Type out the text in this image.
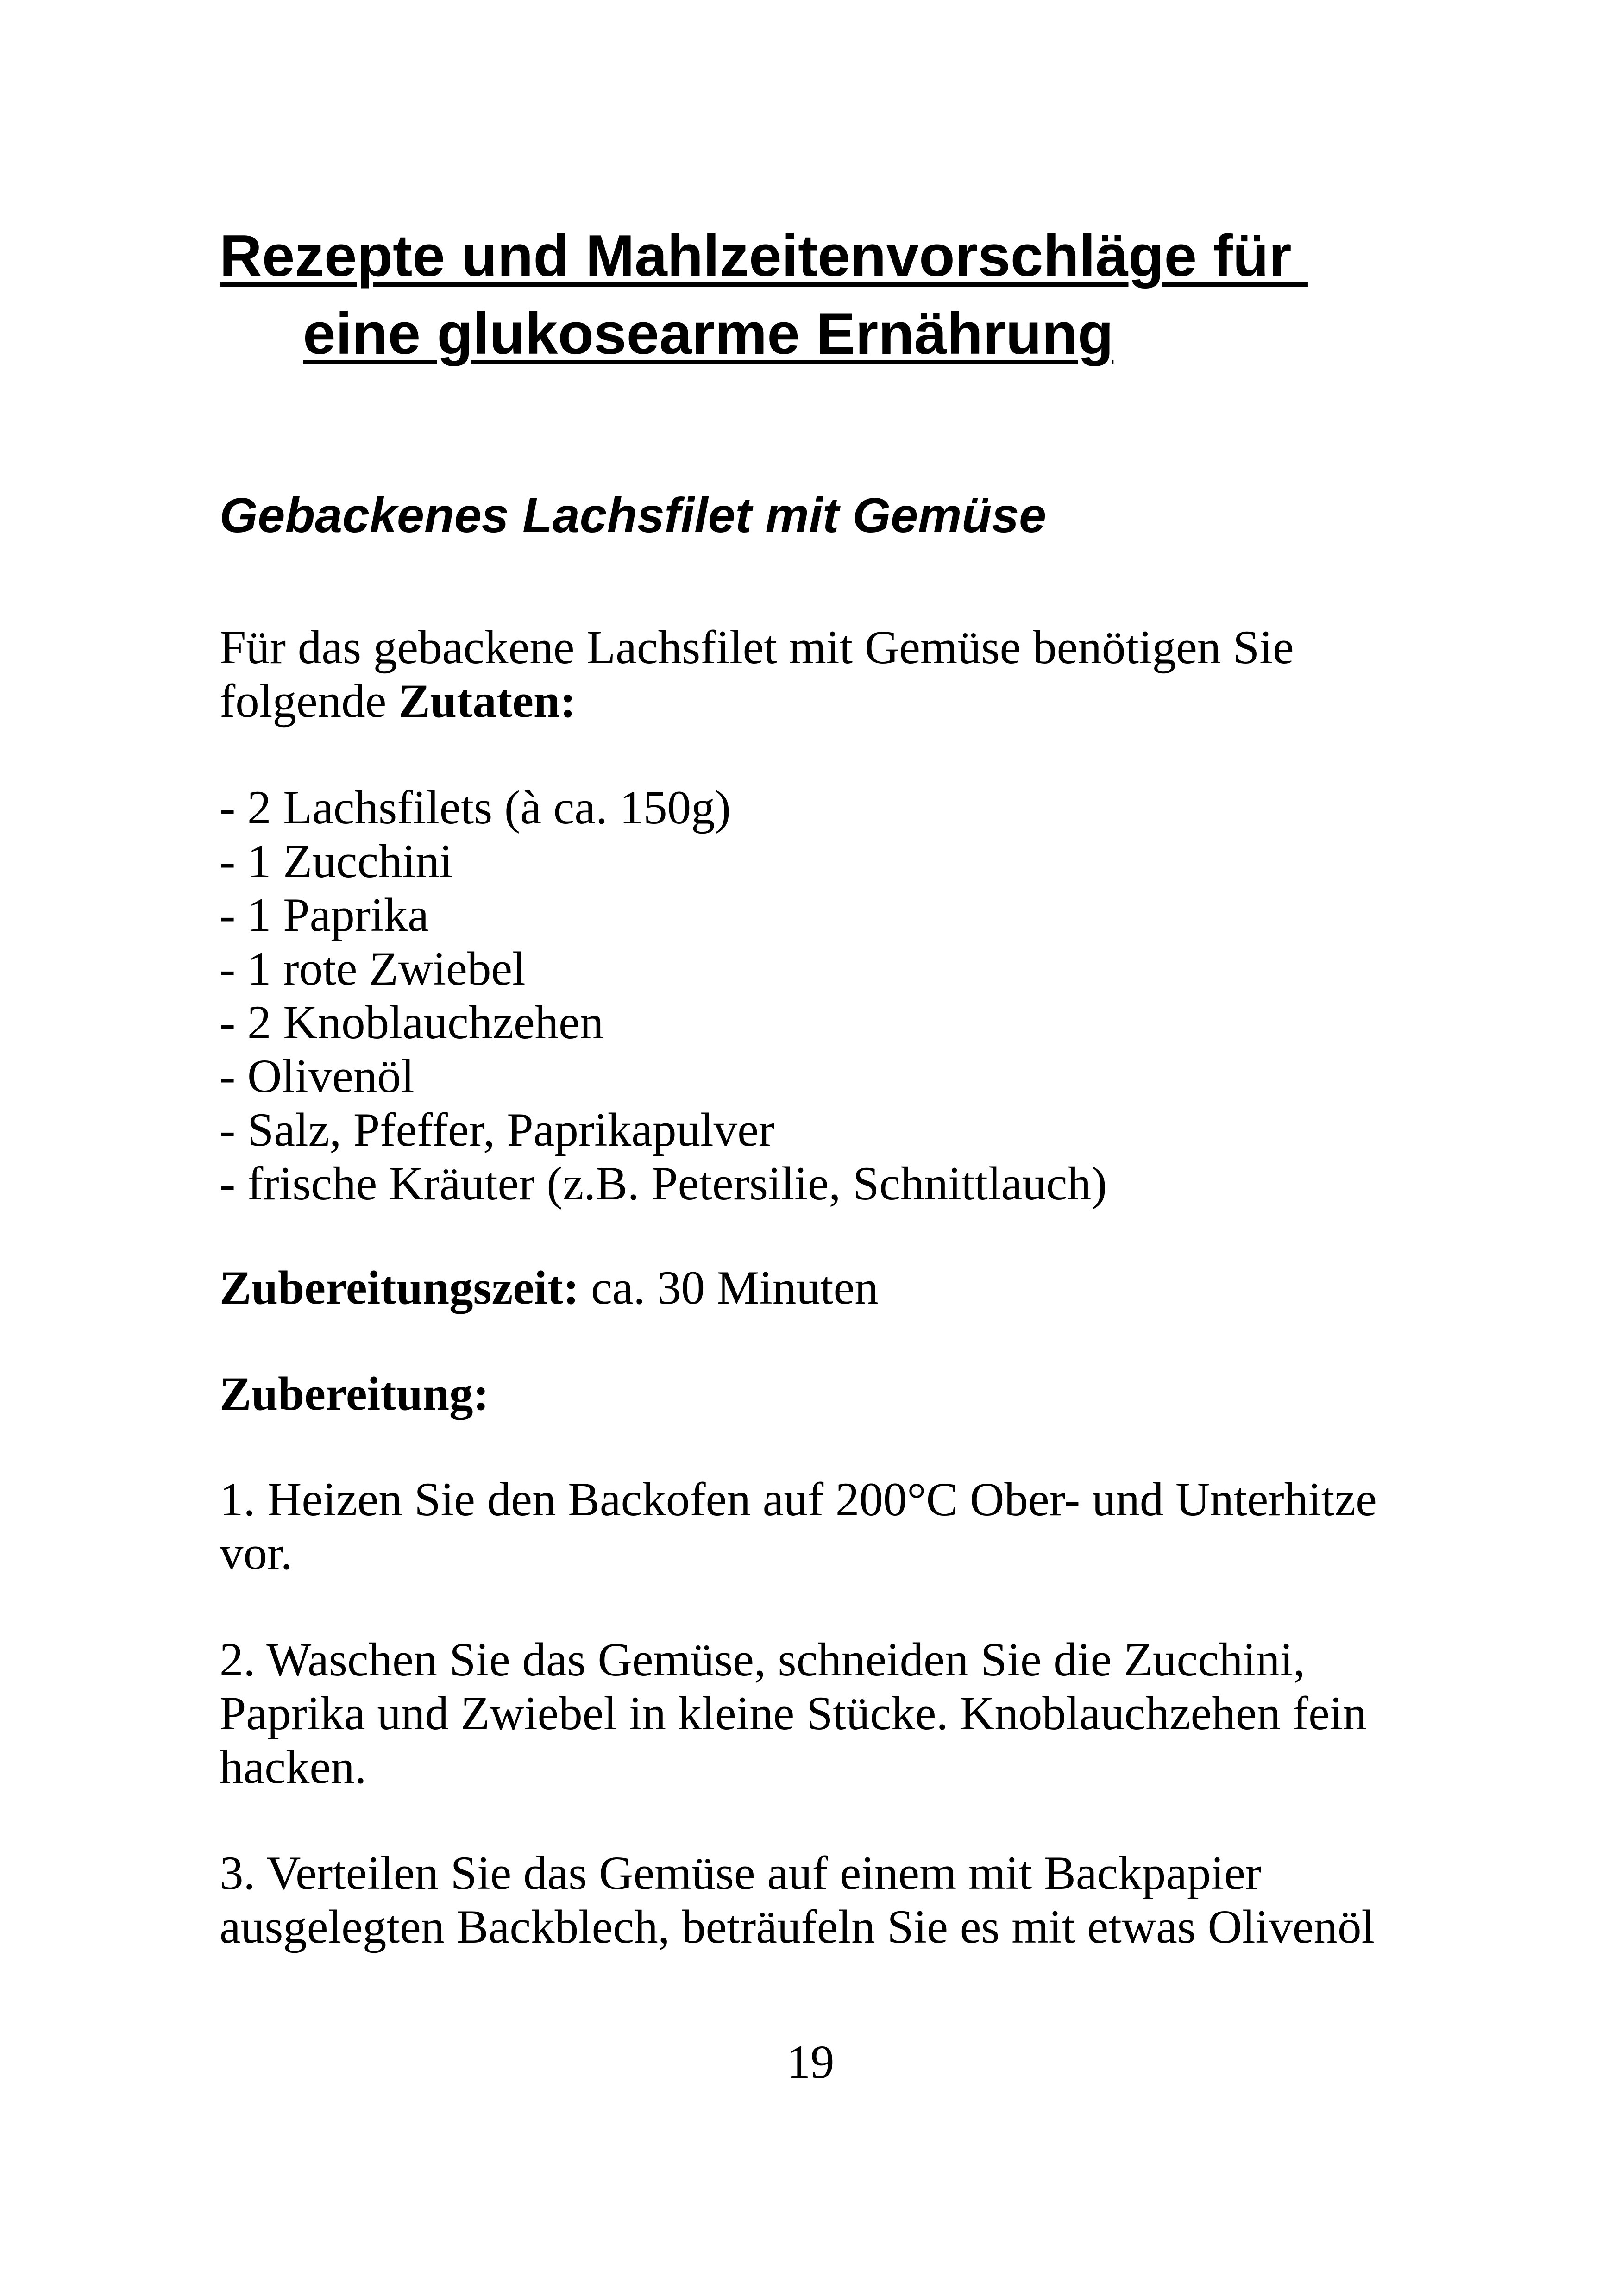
Rezepte und Mahlzeitenvorschläge für
eine glukosearme Ernährung
Gebackenes Lachsfilet mit Gemüse

Für das gebackene Lachsfilet mit Gemüse benötigen Sie folgende Zutaten:

- 2 Lachsfilets (à ca. 150g)
- 1 Zucchini
- 1 Paprika
- 1 rote Zwiebel
- 2 Knoblauchzehen
- Olivenöl
- Salz, Pfeffer, Paprikapulver
- frische Kräuter (z.B. Petersilie, Schnittlauch)

Zubereitungszeit: ca. 30 Minuten

Zubereitung:

1. Heizen Sie den Backofen auf 200°C Ober- und Unterhitze vor.

2. Waschen Sie das Gemüse, schneiden Sie die Zucchini, Paprika und Zwiebel in kleine Stücke. Knoblauchzehen fein hacken.

3. Verteilen Sie das Gemüse auf einem mit Backpapier ausgelegten Backblech, beträufeln Sie es mit etwas Olivenöl

19
